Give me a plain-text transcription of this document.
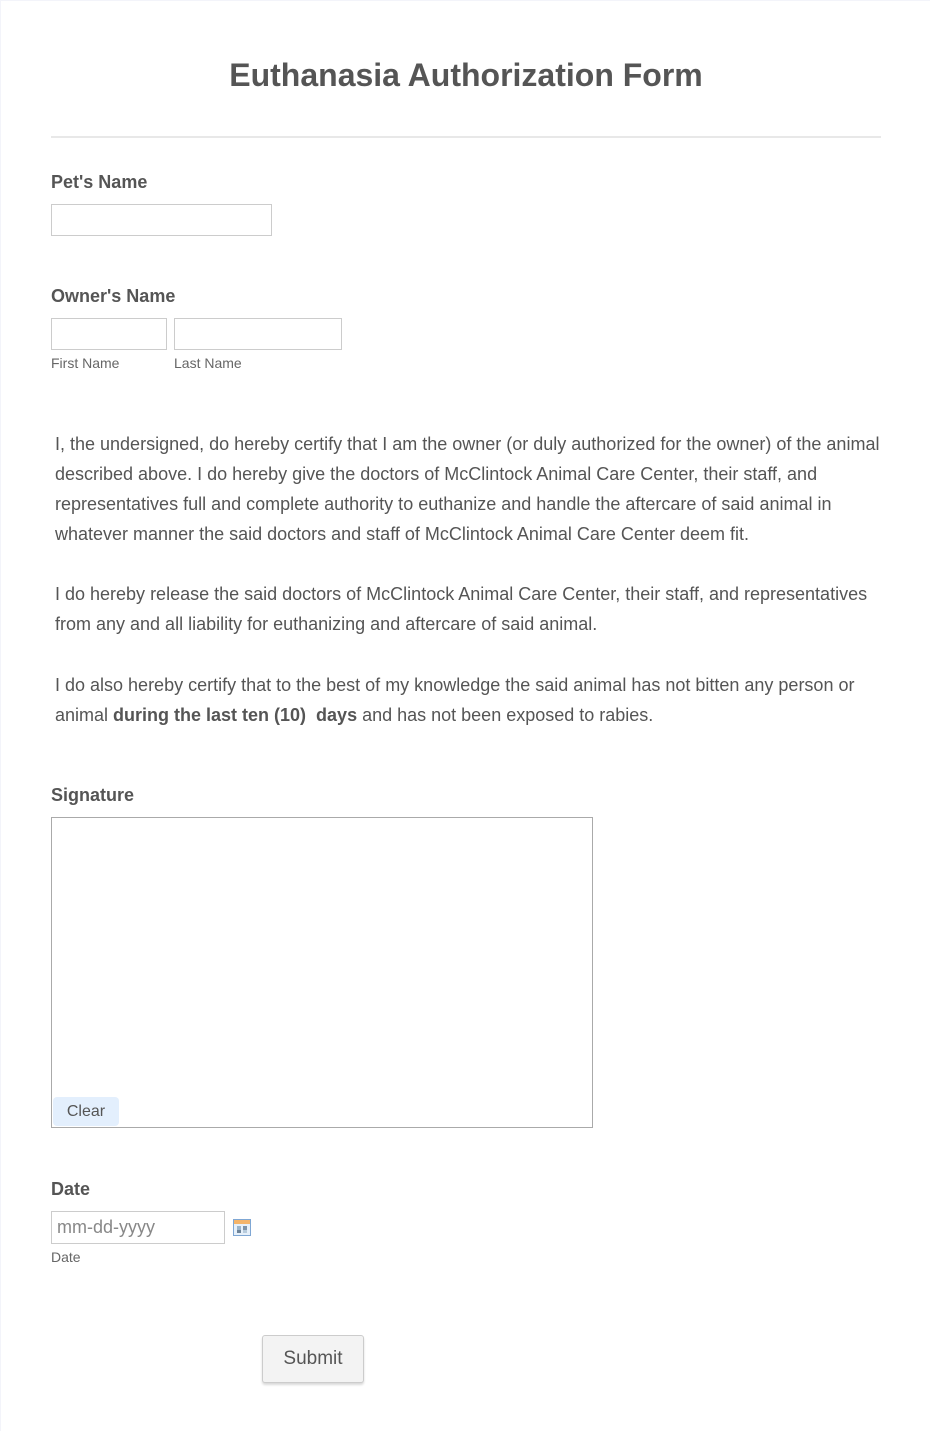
Euthanasia Authorization Form
Pet's Name
Owner's Name
First Name	Last Name

I, the undersigned, do hereby certify that I am the owner (or duly authorized for the owner) of the animal described above. I do hereby give the doctors of McClintock Animal Care Center, their staff, and representatives full and complete authority to euthanize and handle the aftercare of said animal in whatever manner the said doctors and staff of McClintock Animal Care Center deem fit.

I do hereby release the said doctors of McClintock Animal Care Center, their staff, and representatives from any and all liability for euthanizing and aftercare of said animal.

I do also hereby certify that to the best of my knowledge the said animal has not bitten any person or animal during the last ten (10)  days and has not been exposed to rabies.

Signature
Clear
Date
mm-dd-yyyy
Date
Submit
